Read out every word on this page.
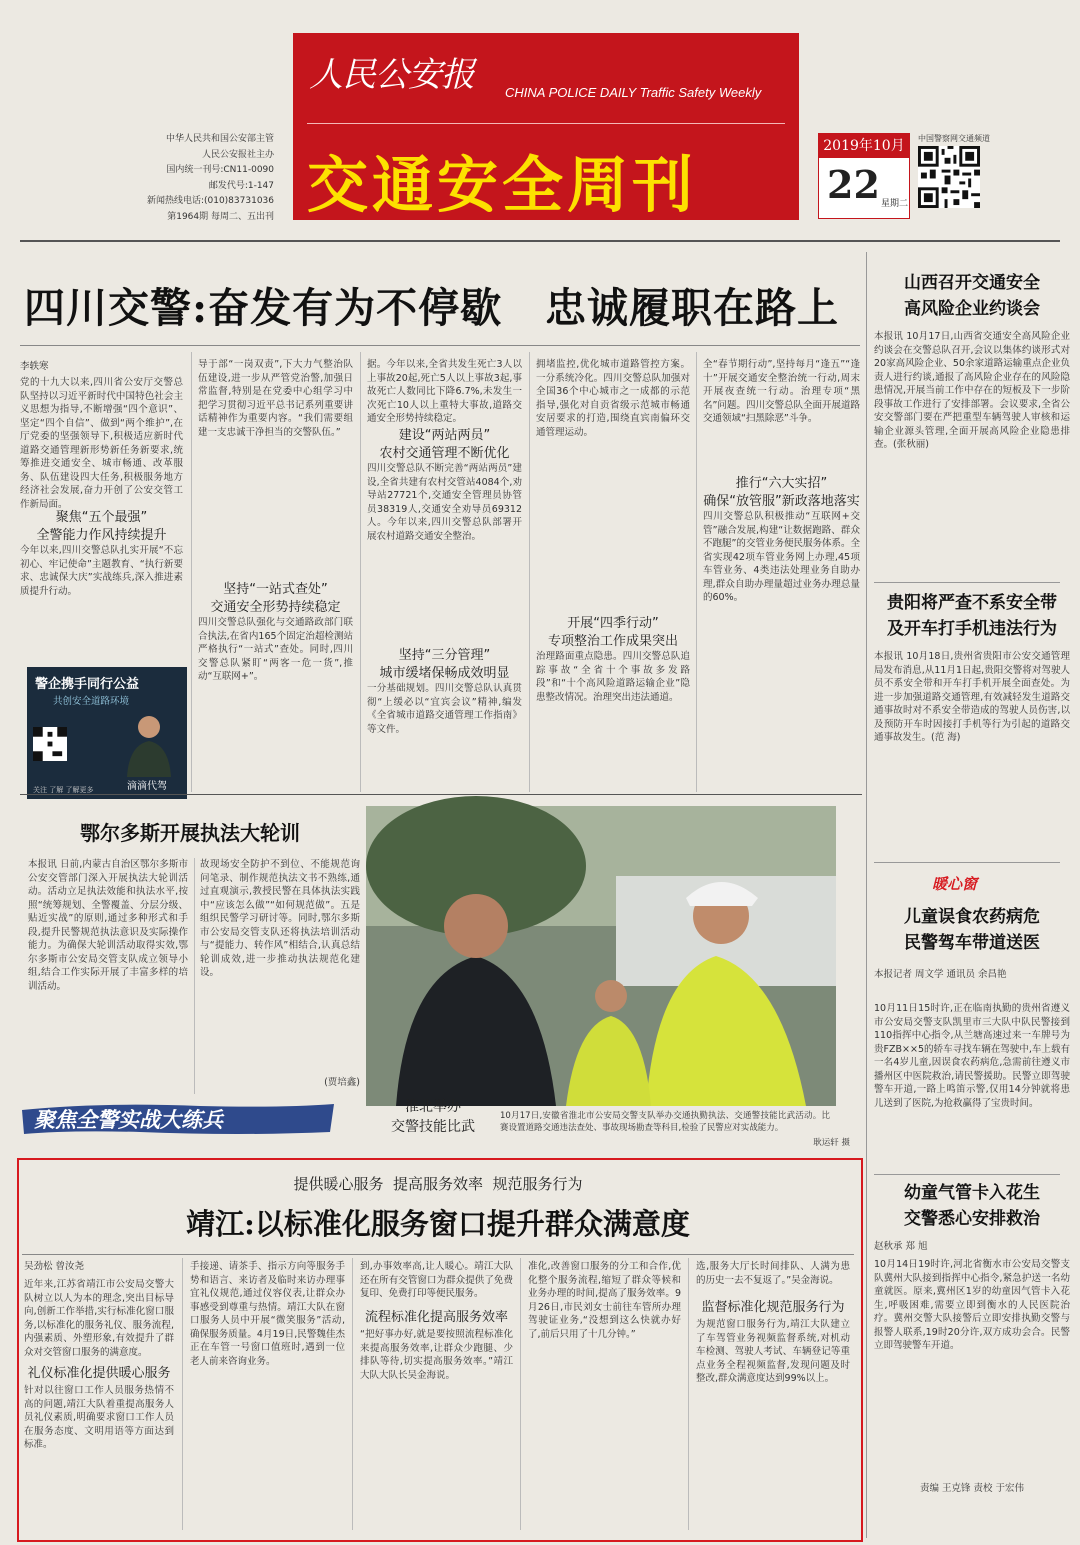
人民公安报 CHINA POLICE DAILY Traffic Safety Weekly
交通安全周刊
中华人民共和国公安部主管
人民公安报社主办
国内统一刊号:CN11-0090
邮发代号:1-147
新闻热线电话:(010)83731036
第1964期 每周二、五出刊
2019年10月
22 星期二
中国警察网交通频道
四川交警:奋发有为不停歇 忠诚履职在路上
李轶寒
党的十九大以来,四川省公安厅交警总队坚持以习近平新时代中国特色社会主义思想为指导,不断增强“四个意识”、坚定“四个自信”、做到“两个维护”,在厅党委的坚强领导下,积极适应新时代道路交通管理新形势新任务新要求,统筹推进交通安全、城市畅通、改革服务、队伍建设四大任务,积极服务地方经济社会发展,奋力开创了公安交管工作新局面。
聚焦“五个最强”
全警能力作风持续提升
今年以来,四川交警总队扎实开展“不忘初心、牢记使命”主题教育、“执行新要求、忠诚保大庆”实战练兵,深入推进素质提升行动。
导于部“一岗双责”,下大力气整治队伍建设,进一步从严管党治警,加强日常监督,特别是在党委中心组学习中把学习贯彻习近平总书记系列重要讲话精神作为重要内容。“我们需要组建一支忠诚干净担当的交警队伍。”
坚持“一站式查处”
交通安全形势持续稳定
四川交警总队强化与交通路政部门联合执法,在省内165个固定治超检测站严格执行“一站式”查处。同时,四川交警总队紧盯“两客一危一货”,推动“互联网+”。
据。今年以来,全省共发生死亡3人以上事故20起,死亡5人以上事故3起,事故死亡人数同比下降6.7%,未发生一次死亡10人以上重特大事故,道路交通安全形势持续稳定。
建设“两站两员”
农村交通管理不断优化
四川交警总队不断完善“两站两员”建设,全省共建有农村交管站4084个,劝导站27721个,交通安全管理员协管员38319人,交通安全劝导员69312人。今年以来,四川交警总队部署开展农村道路交通安全整治。
坚持“三分管理”
城市缓堵保畅成效明显
一分基础规划。四川交警总队认真贯彻“上缓必以“宜宾会议”精神,编发《全省城市道路交通管理工作指南》等文件。
拥堵监控,优化城市道路管控方案。一分系统冷化。四川交警总队加强对全国36个中心城市之一成都的示范指导,强化对自贡省级示范城市畅通安居要求的打造,围绕直宾南偏环交通管理运动。
开展“四季行动”
专项整治工作成果突出
治理路面重点隐患。四川交警总队追踪事故“全省十个事故多发路段”和“十个高风险道路运输企业”隐患整改情况。治理突出违法通道。
全“春节期行动”,坚持每月“逢五”“逢十”开展交通安全整治统一行动,周末开展夜查统一行动。治理专项“黑名”问题。四川交警总队全面开展道路交通领域“扫黑除恶”斗争。
推行“六大实招”
确保“放管服”新政落地落实
四川交警总队积极推动“互联网+交管”融合发展,构建“让数据跑路、群众不跑腿”的交管业务便民服务体系。全省实现42项车管业务网上办理,45项车管业务、4类违法处理业务自助办理,群众自助办理量超过业务办理总量的60%。
警企携手同行公益
共创安全道路环境
关注 了解 了解更多	滴滴代驾
山西召开交通安全
高风险企业约谈会
本报讯 10月17日,山西省交通安全高风险企业约谈会在交警总队召开,会议以集体约谈形式对20家高风险企业、50余家道路运输重点企业负责人进行约谈,通报了高风险企业存在的风险隐患情况,开展当前工作中存在的短板及下一步阶段事故工作进行了安排部署。会议要求,全省公安交警部门要在严把重型车辆驾驶人审核和运输企业源头管理,全面开展高风险企业隐患排查。(张秋丽)
贵阳将严查不系安全带
及开车打手机违法行为
本报讯 10月18日,贵州省贵阳市公安交通管理局发布消息,从11月1日起,贵阳交警将对驾驶人员不系安全带和开车打手机开展全面查处。为进一步加强道路交通管理,有效减轻发生道路交通事故时对不系安全带造成的驾驶人员伤害,以及预防开车时因接打手机等行为引起的道路交通事故发生。(范 海)
暖心窗
儿童误食农药病危
民警驾车带道送医
本报记者 周文学 通讯员 余昌艳
10月11日15时许,正在临南执勤的贵州省遵义市公安局交警支队凯里市三大队中队民警接到110指挥中心指令,从兰塘高速过来一车牌号为贵FZB××5的轿车寻找车辆在驾驶中,车上载有一名4岁儿童,因误食农药病危,急需前往遵义市播州区中医院救治,请民警援助。民警立即驾驶警车开道,一路上鸣笛示警,仅用14分钟就将患儿送到了医院,为抢救赢得了宝贵时间。
幼童气管卡入花生
交警悉心安排救治
赵秋承 郑 旭
10月14日19时许,河北省衡水市公安局交警支队冀州大队接到指挥中心指令,紧急护送一名幼童就医。原来,冀州区1岁的幼童因气管卡入花生,呼吸困难,需要立即到衡水的人民医院治疗。冀州交警大队接警后立即安排执勤交警与报警人联系,19时20分许,双方成功会合。民警立即驾驶警车开道。
责编 王克锋 责校 于宏伟
鄂尔多斯开展执法大轮训
本报讯 日前,内蒙古自治区鄂尔多斯市公安交管部门深入开展执法大轮训活动。活动立足执法效能和执法水平,按照“统筹规划、全警覆盖、分层分级、贴近实战”的原则,通过多种形式和手段,提升民警规范执法意识及实际操作能力。为确保大轮训活动取得实效,鄂尔多斯市公安局交管支队成立领导小组,结合工作实际开展了丰富多样的培训活动。
故现场安全防护不到位、不能规范询问笔录、制作规范执法文书不熟练,通过直观演示,教授民警在具体执法实践中“应该怎么做”“如何规范做”。五是组织民警学习研讨等。同时,鄂尔多斯市公安局交管支队还将执法培训活动与“提能力、转作风”相结合,认真总结轮训成效,进一步推动执法规范化建设。
(贾培鑫)
淮北举办
交警技能比武
10月17日,安徽省淮北市公安局交警支队举办交通执勤执法、交通警技能比武活动。比赛设置道路交通违法查处、事故现场勘查等科目,检验了民警应对实战能力。
耿运轩 摄
聚焦全警实战大练兵
提供暖心服务  提高服务效率  规范服务行为
靖江:以标准化服务窗口提升群众满意度
吴劲松 曾汝尧
近年来,江苏省靖江市公安局交警大队树立以人为本的理念,突出目标导向,创新工作举措,实行标准化窗口服务,以标准化的服务礼仪、服务流程,内强素质、外塑形象,有效提升了群众对交管窗口服务的满意度。
礼仪标准化提供暖心服务
针对以往窗口工作人员服务热情不高的问题,靖江大队着重提高服务人员礼仪素质,明确要求窗口工作人员在服务态度、文明用语等方面达到标准。
手接递、请茶手、指示方向等服务手势和语言、来访者及临时来访办理事宜礼仪规范,通过仪容仪表,让群众办事感受到尊重与热情。靖江大队在窗口服务人员中开展“微笑服务”活动,确保服务质量。4月19日,民警魏佳杰正在车管一号窗口值班时,遇到一位老人前来咨询业务。
到,办事效率高,让人暖心。靖江大队还在所有交管窗口为群众提供了免费复印、免费打印等便民服务。
流程标准化提高服务效率
“把好事办好,就是要按照流程标准化来提高服务效率,让群众少跑腿、少排队等待,切实提高服务效率。”靖江大队大队长吴金海说。
准化,改善窗口服务的分工和合作,优化整个服务流程,缩短了群众等候和业务办理的时间,提高了服务效率。9月26日,市民刘女士前往车管所办理驾驶证业务,“没想到这么快就办好了,前后只用了十几分钟。”
选,服务大厅长时间排队、人满为患的历史一去不复返了。”吴金海说。
监督标准化规范服务行为
为规范窗口服务行为,靖江大队建立了车驾管业务视频监督系统,对机动车检测、驾驶人考试、车辆登记等重点业务全程视频监督,发现问题及时整改,群众满意度达到99%以上。
